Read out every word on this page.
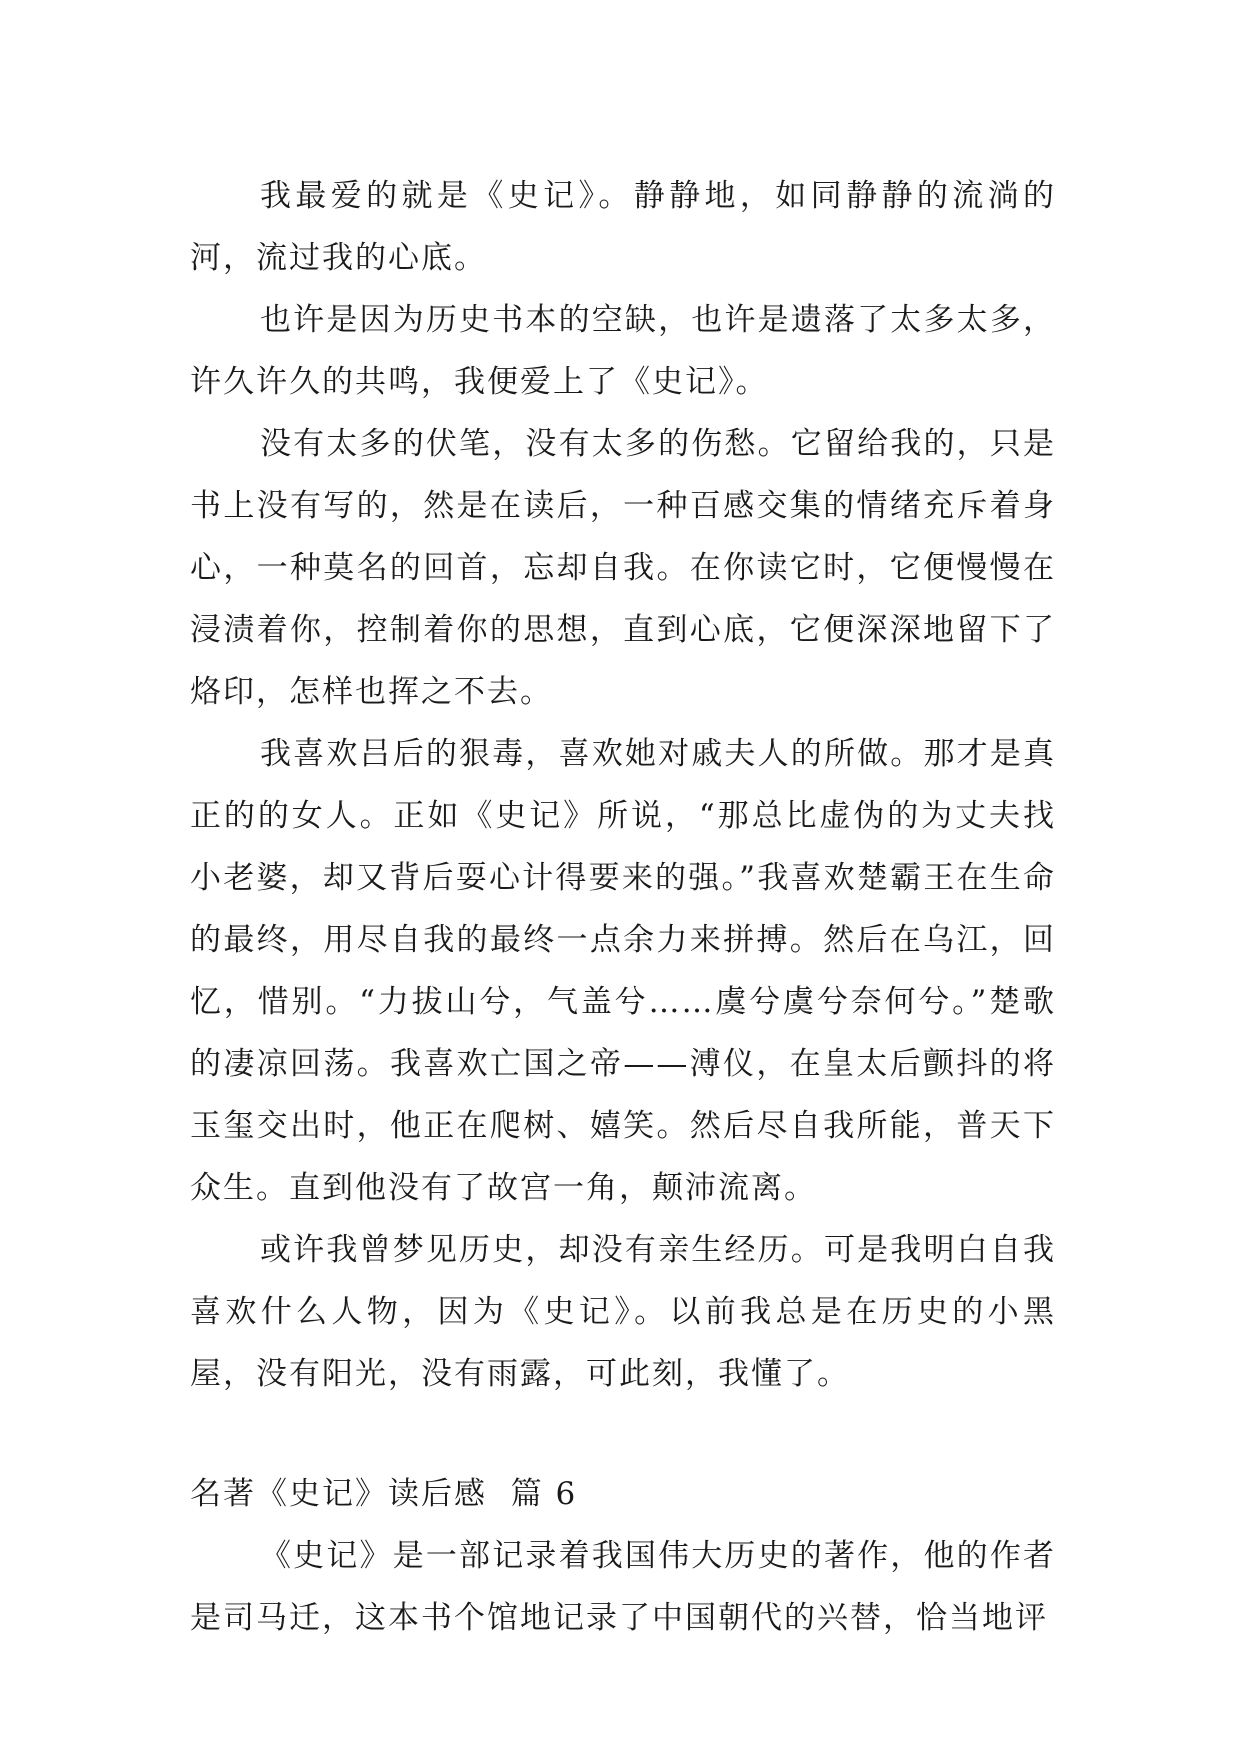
我最爱的就是《史记》。静静地，如同静静的流淌的河，流过我的心底。

也许是因为历史书本的空缺，也许是遗落了太多太多，许久许久的共鸣，我便爱上了《史记》。

没有太多的伏笔，没有太多的伤愁。它留给我的，只是书上没有写的，然是在读后，一种百感交集的情绪充斥着身心，一种莫名的回首，忘却自我。在你读它时，它便慢慢在浸渍着你，控制着你的思想，直到心底，它便深深地留下了烙印，怎样也挥之不去。

我喜欢吕后的狠毒，喜欢她对戚夫人的所做。那才是真正的的女人。正如《史记》所说，“那总比虚伪的为丈夫找小老婆，却又背后耍心计得要来的强。”我喜欢楚霸王在生命的最终，用尽自我的最终一点余力来拼搏。然后在乌江，回忆，惜别。“力拔山兮，气盖兮……虞兮虞兮奈何兮。”楚歌的凄凉回荡。我喜欢亡国之帝——溥仪，在皇太后颤抖的将玉玺交出时，他正在爬树、嬉笑。然后尽自我所能，普天下众生。直到他没有了故宫一角，颠沛流离。

或许我曾梦见历史，却没有亲生经历。可是我明白自我喜欢什么人物，因为《史记》。以前我总是在历史的小黑屋，没有阳光，没有雨露，可此刻，我懂了。

名著《史记》读后感  篇 6

《史记》是一部记录着我国伟大历史的著作，他的作者是司马迁，这本书个馆地记录了中国朝代的兴替，恰当地评
